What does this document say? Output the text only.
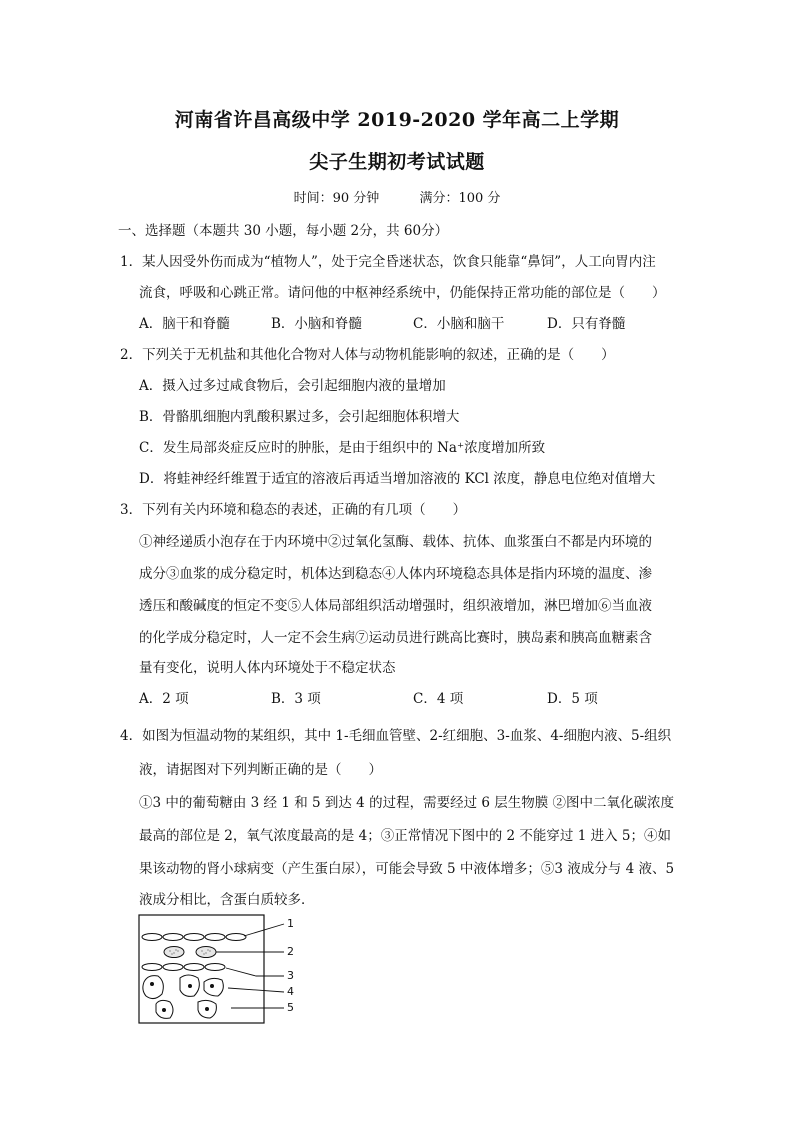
河南省许昌高级中学 2019-2020 学年高二上学期
尖子生期初考试试题
时间：90 分钟	满分：100 分
一、选择题（本题共 30 小题，每小题 2分，共 60分）
1．某人因受外伤而成为“植物人”，处于完全昏迷状态，饮食只能靠“鼻饲”，人工向胃内注
流食，呼吸和心跳正常。请问他的中枢神经系统中，仍能保持正常功能的部位是（　　）
A．脑干和脊髓	B．小脑和脊髓	C．小脑和脑干	D．只有脊髓
2．下列关于无机盐和其他化合物对人体与动物机能影响的叙述，正确的是（　　）
A．摄入过多过咸食物后，会引起细胞内液的量增加
B．骨骼肌细胞内乳酸积累过多，会引起细胞体积增大
C．发生局部炎症反应时的肿胀，是由于组织中的 Na⁺浓度增加所致
D．将蛙神经纤维置于适宜的溶液后再适当增加溶液的 KCl 浓度，静息电位绝对值增大
3．下列有关内环境和稳态的表述，正确的有几项（　　）
①神经递质小泡存在于内环境中②过氧化氢酶、载体、抗体、血浆蛋白不都是内环境的
成分③血浆的成分稳定时，机体达到稳态④人体内环境稳态具体是指内环境的温度、渗
透压和酸碱度的恒定不变⑤人体局部组织活动增强时，组织液增加，淋巴增加⑥当血液
的化学成分稳定时，人一定不会生病⑦运动员进行跳高比赛时，胰岛素和胰高血糖素含
量有变化，说明人体内环境处于不稳定状态
A．2 项	B．3 项	C．4 项	D．5 项
4．如图为恒温动物的某组织，其中 1-毛细血管壁、2-红细胞、3-血浆、4-细胞内液、5-组织
液，请据图对下列判断正确的是（　　）
①3 中的葡萄糖由 3 经 1 和 5 到达 4 的过程，需要经过 6 层生物膜 ②图中二氧化碳浓度
最高的部位是 2，氧气浓度最高的是 4；③正常情况下图中的 2 不能穿过 1 进入 5；④如
果该动物的肾小球病变（产生蛋白尿），可能会导致 5 中液体增多；⑤3 液成分与 4 液、5
液成分相比，含蛋白质较多．
1
2
3
4
5
